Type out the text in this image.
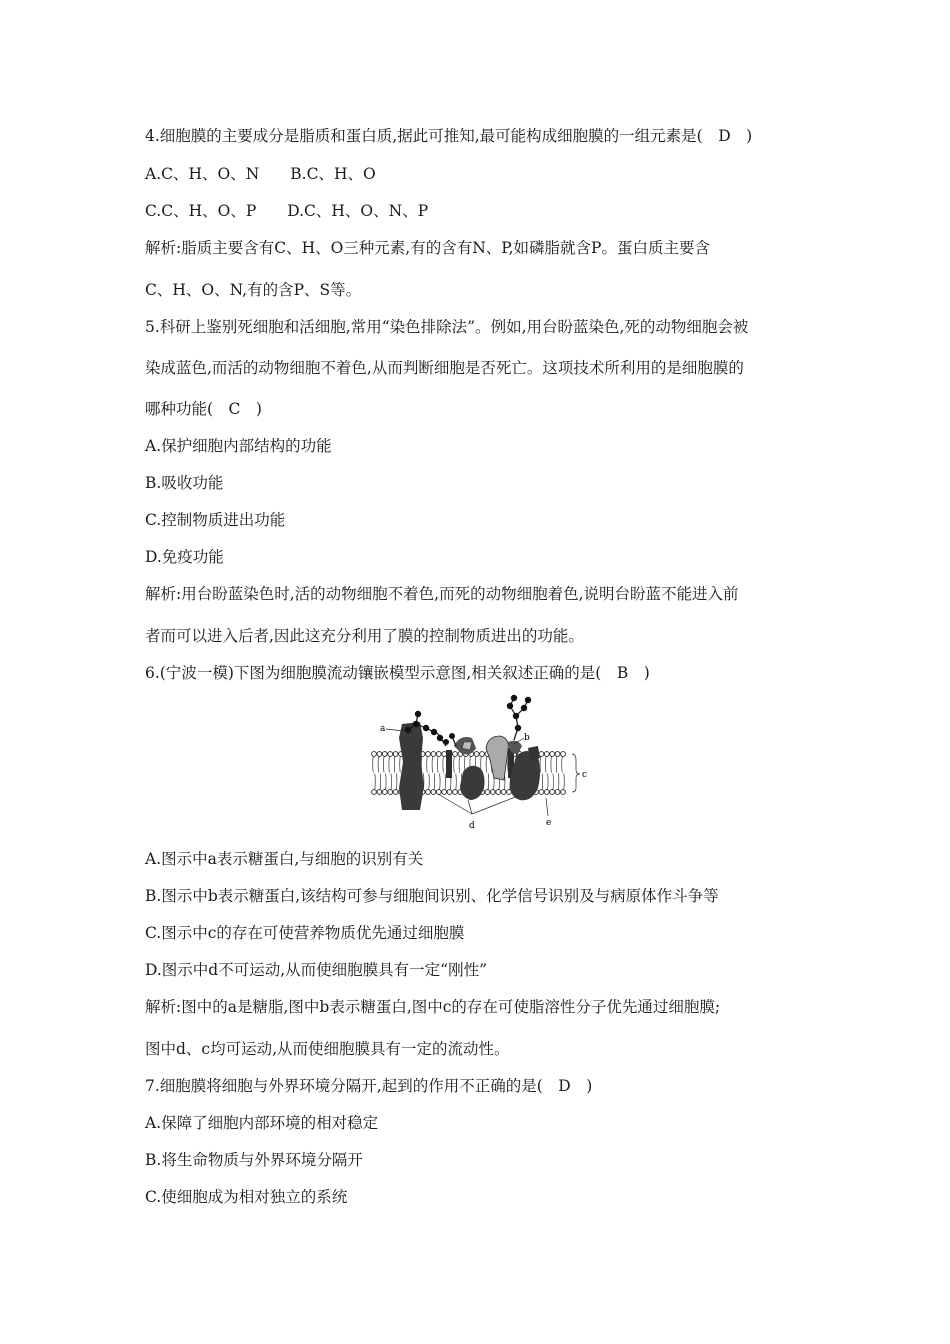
4.细胞膜的主要成分是脂质和蛋白质,据此可推知,最可能构成细胞膜的一组元素是(　D　)

A.C、H、O、N　　B.C、H、O

C.C、H、O、P　　D.C、H、O、N、P

解析:脂质主要含有C、H、O三种元素,有的含有N、P,如磷脂就含P。蛋白质主要含

C、H、O、N,有的含P、S等。

5.科研上鉴别死细胞和活细胞,常用“染色排除法”。例如,用台盼蓝染色,死的动物细胞会被

染成蓝色,而活的动物细胞不着色,从而判断细胞是否死亡。这项技术所利用的是细胞膜的

哪种功能(　C　)

A.保护细胞内部结构的功能

B.吸收功能

C.控制物质进出功能

D.免疫功能

解析:用台盼蓝染色时,活的动物细胞不着色,而死的动物细胞着色,说明台盼蓝不能进入前

者而可以进入后者,因此这充分利用了膜的控制物质进出的功能。

6.(宁波一模)下图为细胞膜流动镶嵌模型示意图,相关叙述正确的是(　B　)

a
b
c
d	e

A.图示中a表示糖蛋白,与细胞的识别有关

B.图示中b表示糖蛋白,该结构可参与细胞间识别、化学信号识别及与病原体作斗争等

C.图示中c的存在可使营养物质优先通过细胞膜

D.图示中d不可运动,从而使细胞膜具有一定“刚性”

解析:图中的a是糖脂,图中b表示糖蛋白,图中c的存在可使脂溶性分子优先通过细胞膜;

图中d、c均可运动,从而使细胞膜具有一定的流动性。

7.细胞膜将细胞与外界环境分隔开,起到的作用不正确的是(　D　)

A.保障了细胞内部环境的相对稳定

B.将生命物质与外界环境分隔开

C.使细胞成为相对独立的系统
